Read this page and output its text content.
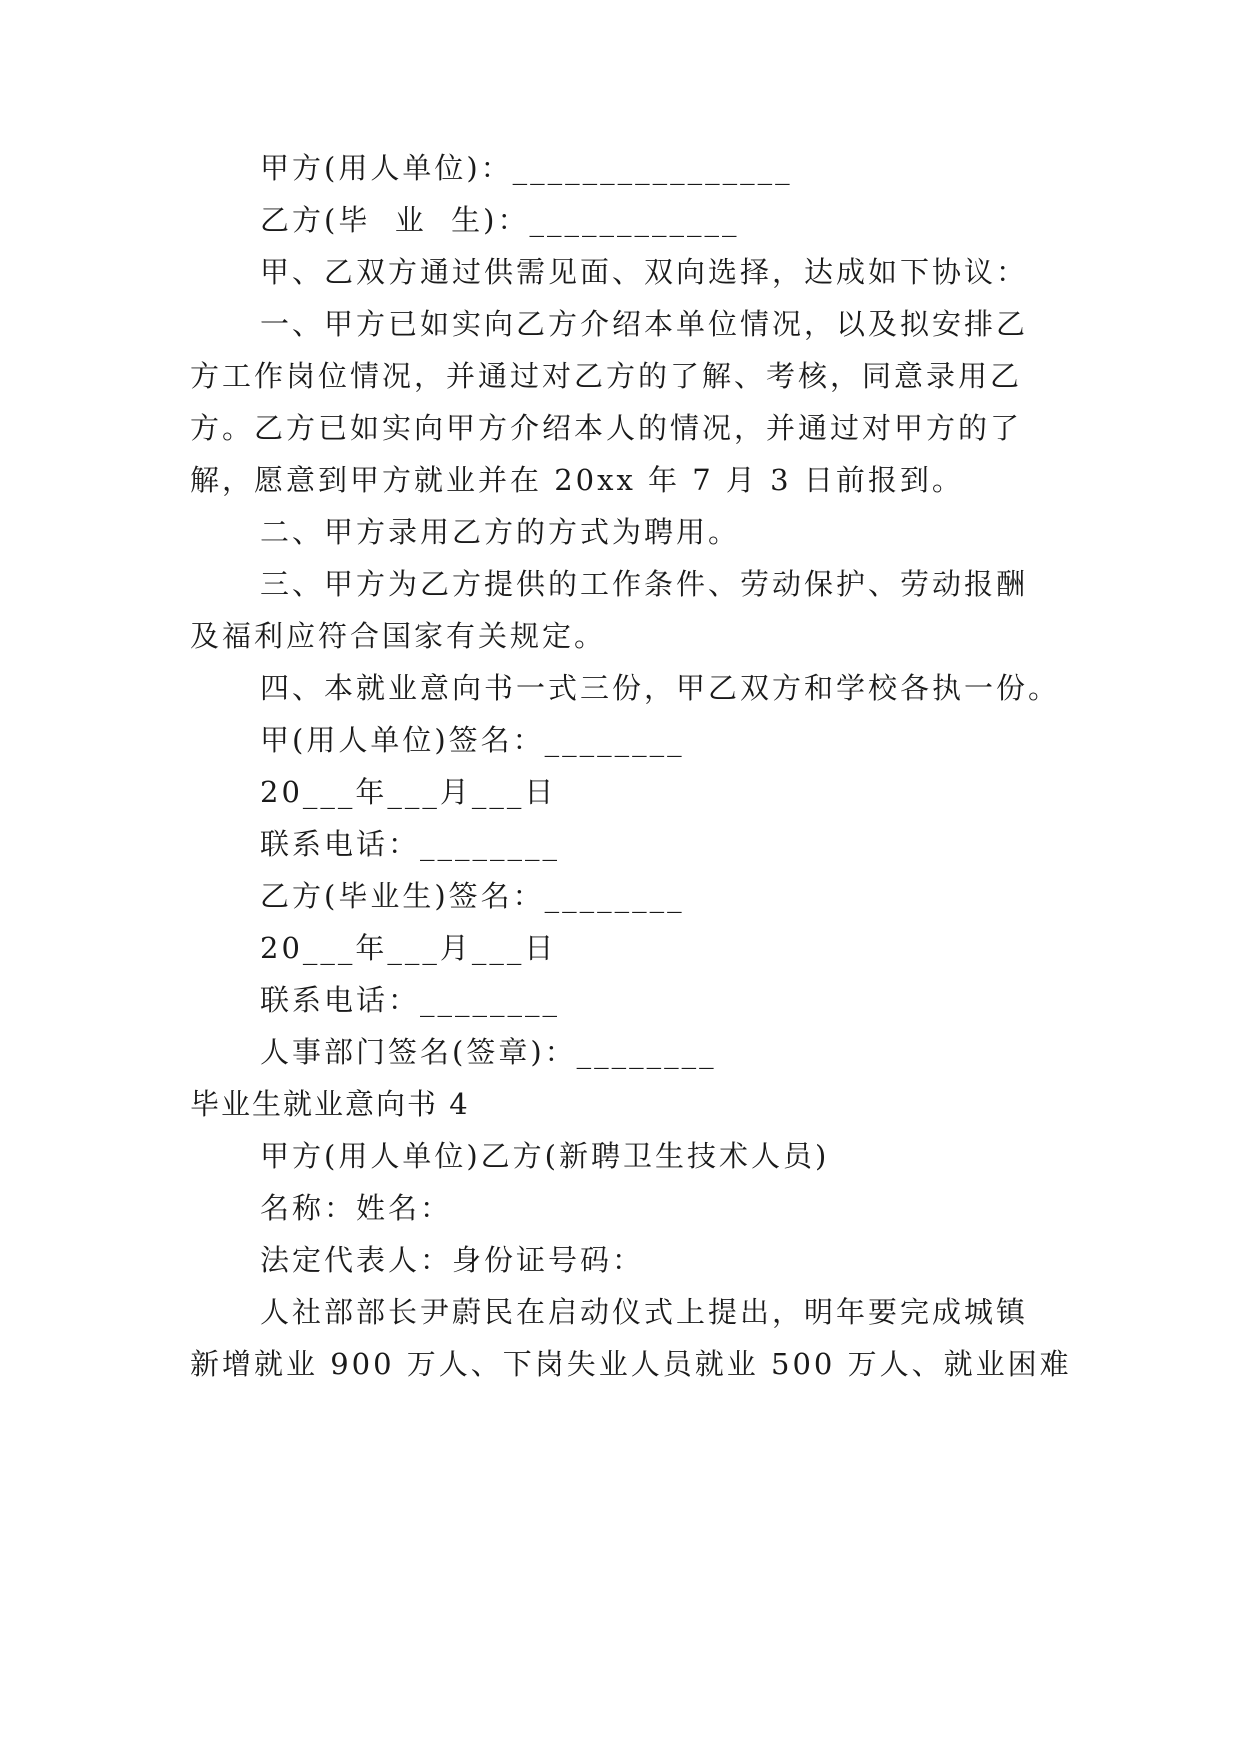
甲方(用人单位)：________________

乙方(毕  业  生)：____________

甲、乙双方通过供需见面、双向选择，达成如下协议：

一、甲方已如实向乙方介绍本单位情况，以及拟安排乙

方工作岗位情况，并通过对乙方的了解、考核，同意录用乙

方。乙方已如实向甲方介绍本人的情况，并通过对甲方的了

解，愿意到甲方就业并在 20xx 年 7 月 3 日前报到。

二、甲方录用乙方的方式为聘用。

三、甲方为乙方提供的工作条件、劳动保护、劳动报酬

及福利应符合国家有关规定。

四、本就业意向书一式三份，甲乙双方和学校各执一份。

甲(用人单位)签名：________

20___年___月___日

联系电话：________

乙方(毕业生)签名：________

20___年___月___日

联系电话：________

人事部门签名(签章)：________

毕业生就业意向书 4

甲方(用人单位)乙方(新聘卫生技术人员)

名称：姓名：

法定代表人：身份证号码：

人社部部长尹蔚民在启动仪式上提出，明年要完成城镇

新增就业 900 万人、下岗失业人员就业 500 万人、就业困难
